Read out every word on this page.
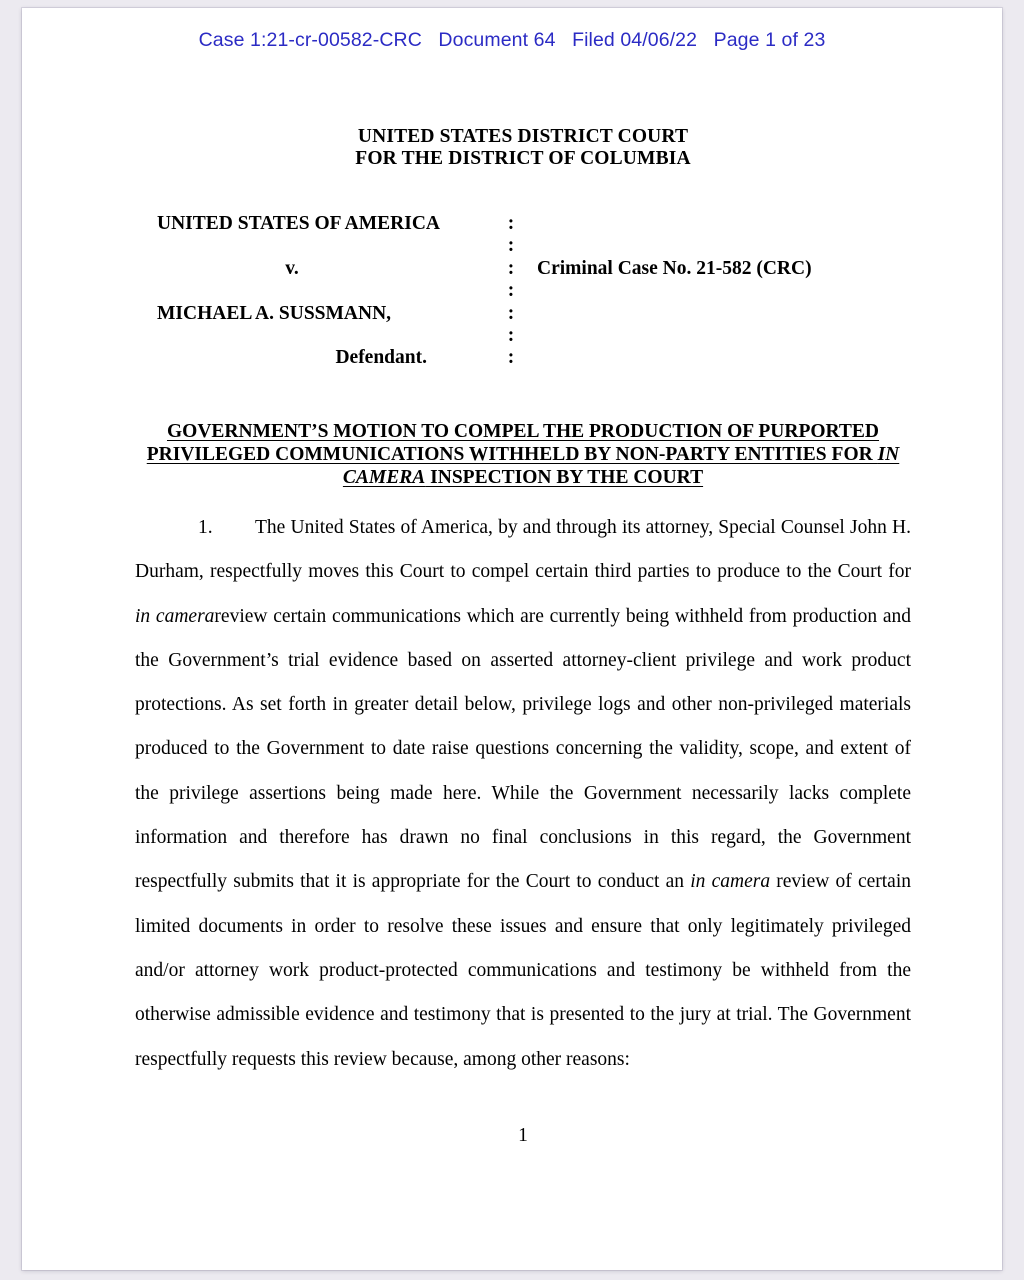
Case 1:21-cr-00582-CRC   Document 64   Filed 04/06/22   Page 1 of 23
UNITED STATES DISTRICT COURT
FOR THE DISTRICT OF COLUMBIA
UNITED STATES OF AMERICA	:
:
v.	: Criminal Case No. 21-582 (CRC)
:
MICHAEL A. SUSSMANN,	:
:
Defendant.	:
GOVERNMENT’S MOTION TO COMPEL THE PRODUCTION OF PURPORTED
PRIVILEGED COMMUNICATIONS WITHHELD BY NON-PARTY ENTITIES FOR IN
CAMERA INSPECTION BY THE COURT
1. The United States of America, by and through its attorney, Special Counsel John H.
Durham, respectfully moves this Court to compel certain third parties to produce to the Court for
in camerareview certain communications which are currently being withheld from production and
the Government’s trial evidence based on asserted attorney-client privilege and work product
protections. As set forth in greater detail below, privilege logs and other non-privileged materials
produced to the Government to date raise questions concerning the validity, scope, and extent of
the privilege assertions being made here. While the Government necessarily lacks complete
information and therefore has drawn no final conclusions in this regard, the Government
respectfully submits that it is appropriate for the Court to conduct an in camera review of certain
limited documents in order to resolve these issues and ensure that only legitimately privileged
and/or attorney work product-protected communications and testimony be withheld from the
otherwise admissible evidence and testimony that is presented to the jury at trial. The Government
respectfully requests this review because, among other reasons:
1
